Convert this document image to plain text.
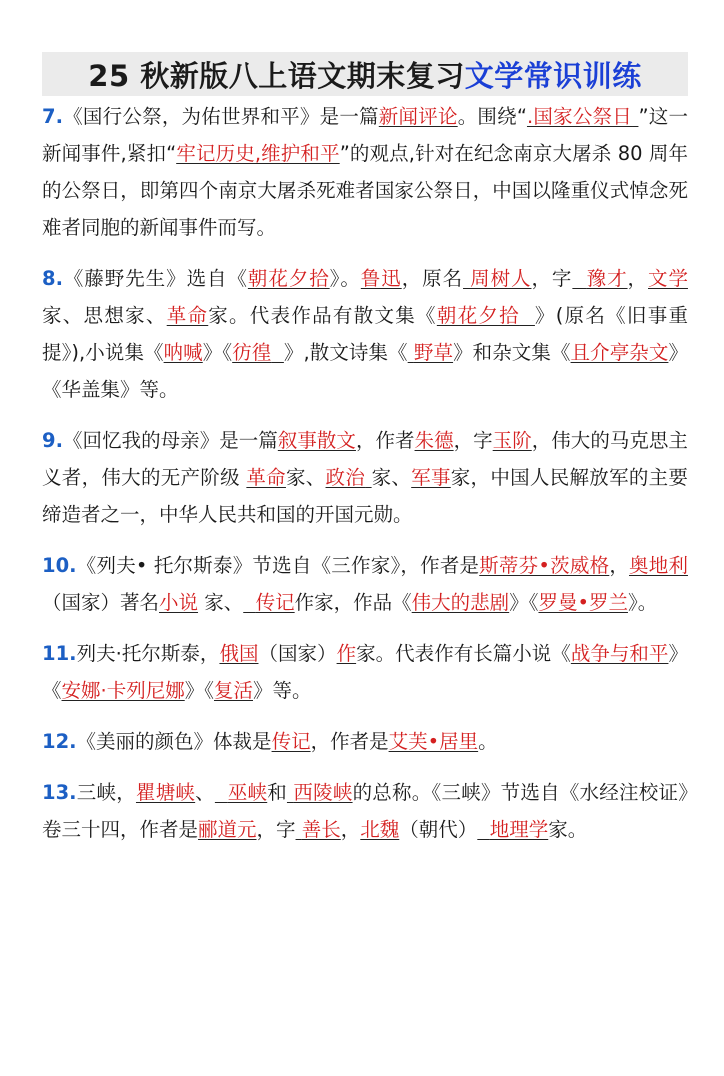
25 秋新版八上语文期末复习 文学常识训练

7.《国行公祭，为佑世界和平》是一篇新闻评论。围绕“.国家公祭日 ”这一新闻事件,紧扣“牢记历史,维护和平”的观点,针对在纪念南京大屠杀 80 周年的公祭日，即第四个南京大屠杀死难者国家公祭日，中国以隆重仪式悼念死难者同胞的新闻事件而写。

8.《藤野先生》选自《朝花夕拾》。鲁迅，原名 周树人，字 豫才，文学家、思想家、革命家。代表作品有散文集《朝花夕拾 》(原名《旧事重提》),小说集《呐喊》《彷徨 》,散文诗集《 野草》和杂文集《且介亭杂文》《华盖集》等。

9.《回忆我的母亲》是一篇叙事散文，作者朱德，字玉阶，伟大的马克思主义者，伟大的无产阶级 革命家、政治 家、军事家，中国人民解放军的主要缔造者之一，中华人民共和国的开国元勋。

10.《列夫• 托尔斯泰》节选自《三作家》，作者是斯蒂芬•茨威格，奥地利（国家）著名小说 家、 传记作家，作品《伟大的悲剧》《罗曼•罗兰》。

11.列夫·托尔斯泰，俄国（国家）作家。代表作有长篇小说《战争与和平》《安娜·卡列尼娜》《复活》等。

12.《美丽的颜色》体裁是传记，作者是艾芙•居里。

13.三峡，瞿塘峡、 巫峡和 西陵峡的总称。《三峡》节选自《水经注校证》卷三十四，作者是郦道元，字 善长，北魏（朝代） 地理学家。
